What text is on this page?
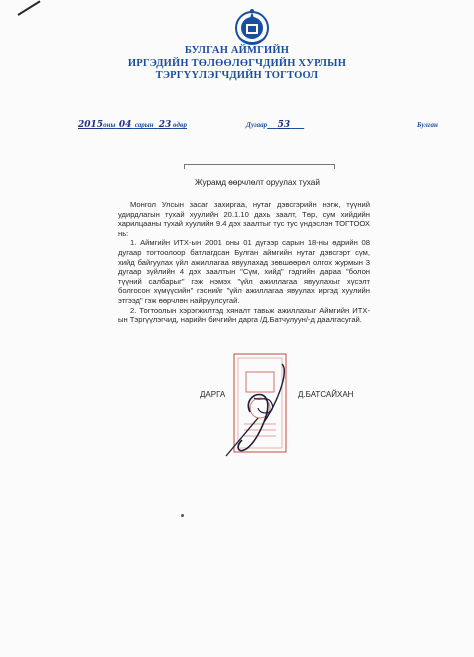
БУЛГАН АЙМГИЙН
ИРГЭДИЙН ТӨЛӨӨЛӨГЧДИЙН ХУРЛЫН
ТЭРГҮҮЛЭГЧДИЙН ТОГТООЛ
2015оны 04 сарын 23 өдөр	Дугаар 53	Булган
Журамд өөрчлөлт оруулах тухай

Монгол Улсын засаг захиргаа, нутаг дэвсгэрийн нэгж, түүний удирдлагын тухай хуулийн 20.1.10 дахь заалт, Төр, сум хийдийн харилцааны тухай хуулийн 9.4 дэх заалтыг тус тус үндэслэн ТОГТООХ нь:

1. Аймгийн ИТХ-ын 2001 оны 01 дүгээр сарын 18-ны өдрийн 08 дугаар тогтоолоор батлагдсан Булган аймгийн нутаг дэвсгэрт сүм, хийд байгуулах үйл ажиллагаа явуулахад зөвшөөрөл олгох журмын 3 дугаар зүйлийн 4 дэх заалтын "Сүм, хийд" гэдгийн дараа "болон түүний салбарыг" гэж нэмэх "үйл ажиллагаа явуулахыг хүсэлт болгосон хүмүүсийн" гэснийг "үйл ажиллагаа явуулах иргэд хуулийн этгээд" гэж өөрчлөн найруулсугай.

2. Тогтоолын хэрэгжилтэд хяналт тавьж ажиллахыг Аймгийн ИТХ-ын Тэргүүлэгчид, нарийн бичгийн дарга /Д.Батчулуун/-д даалгасугай.

ДАРГА	Д.БАТСАЙХАН
